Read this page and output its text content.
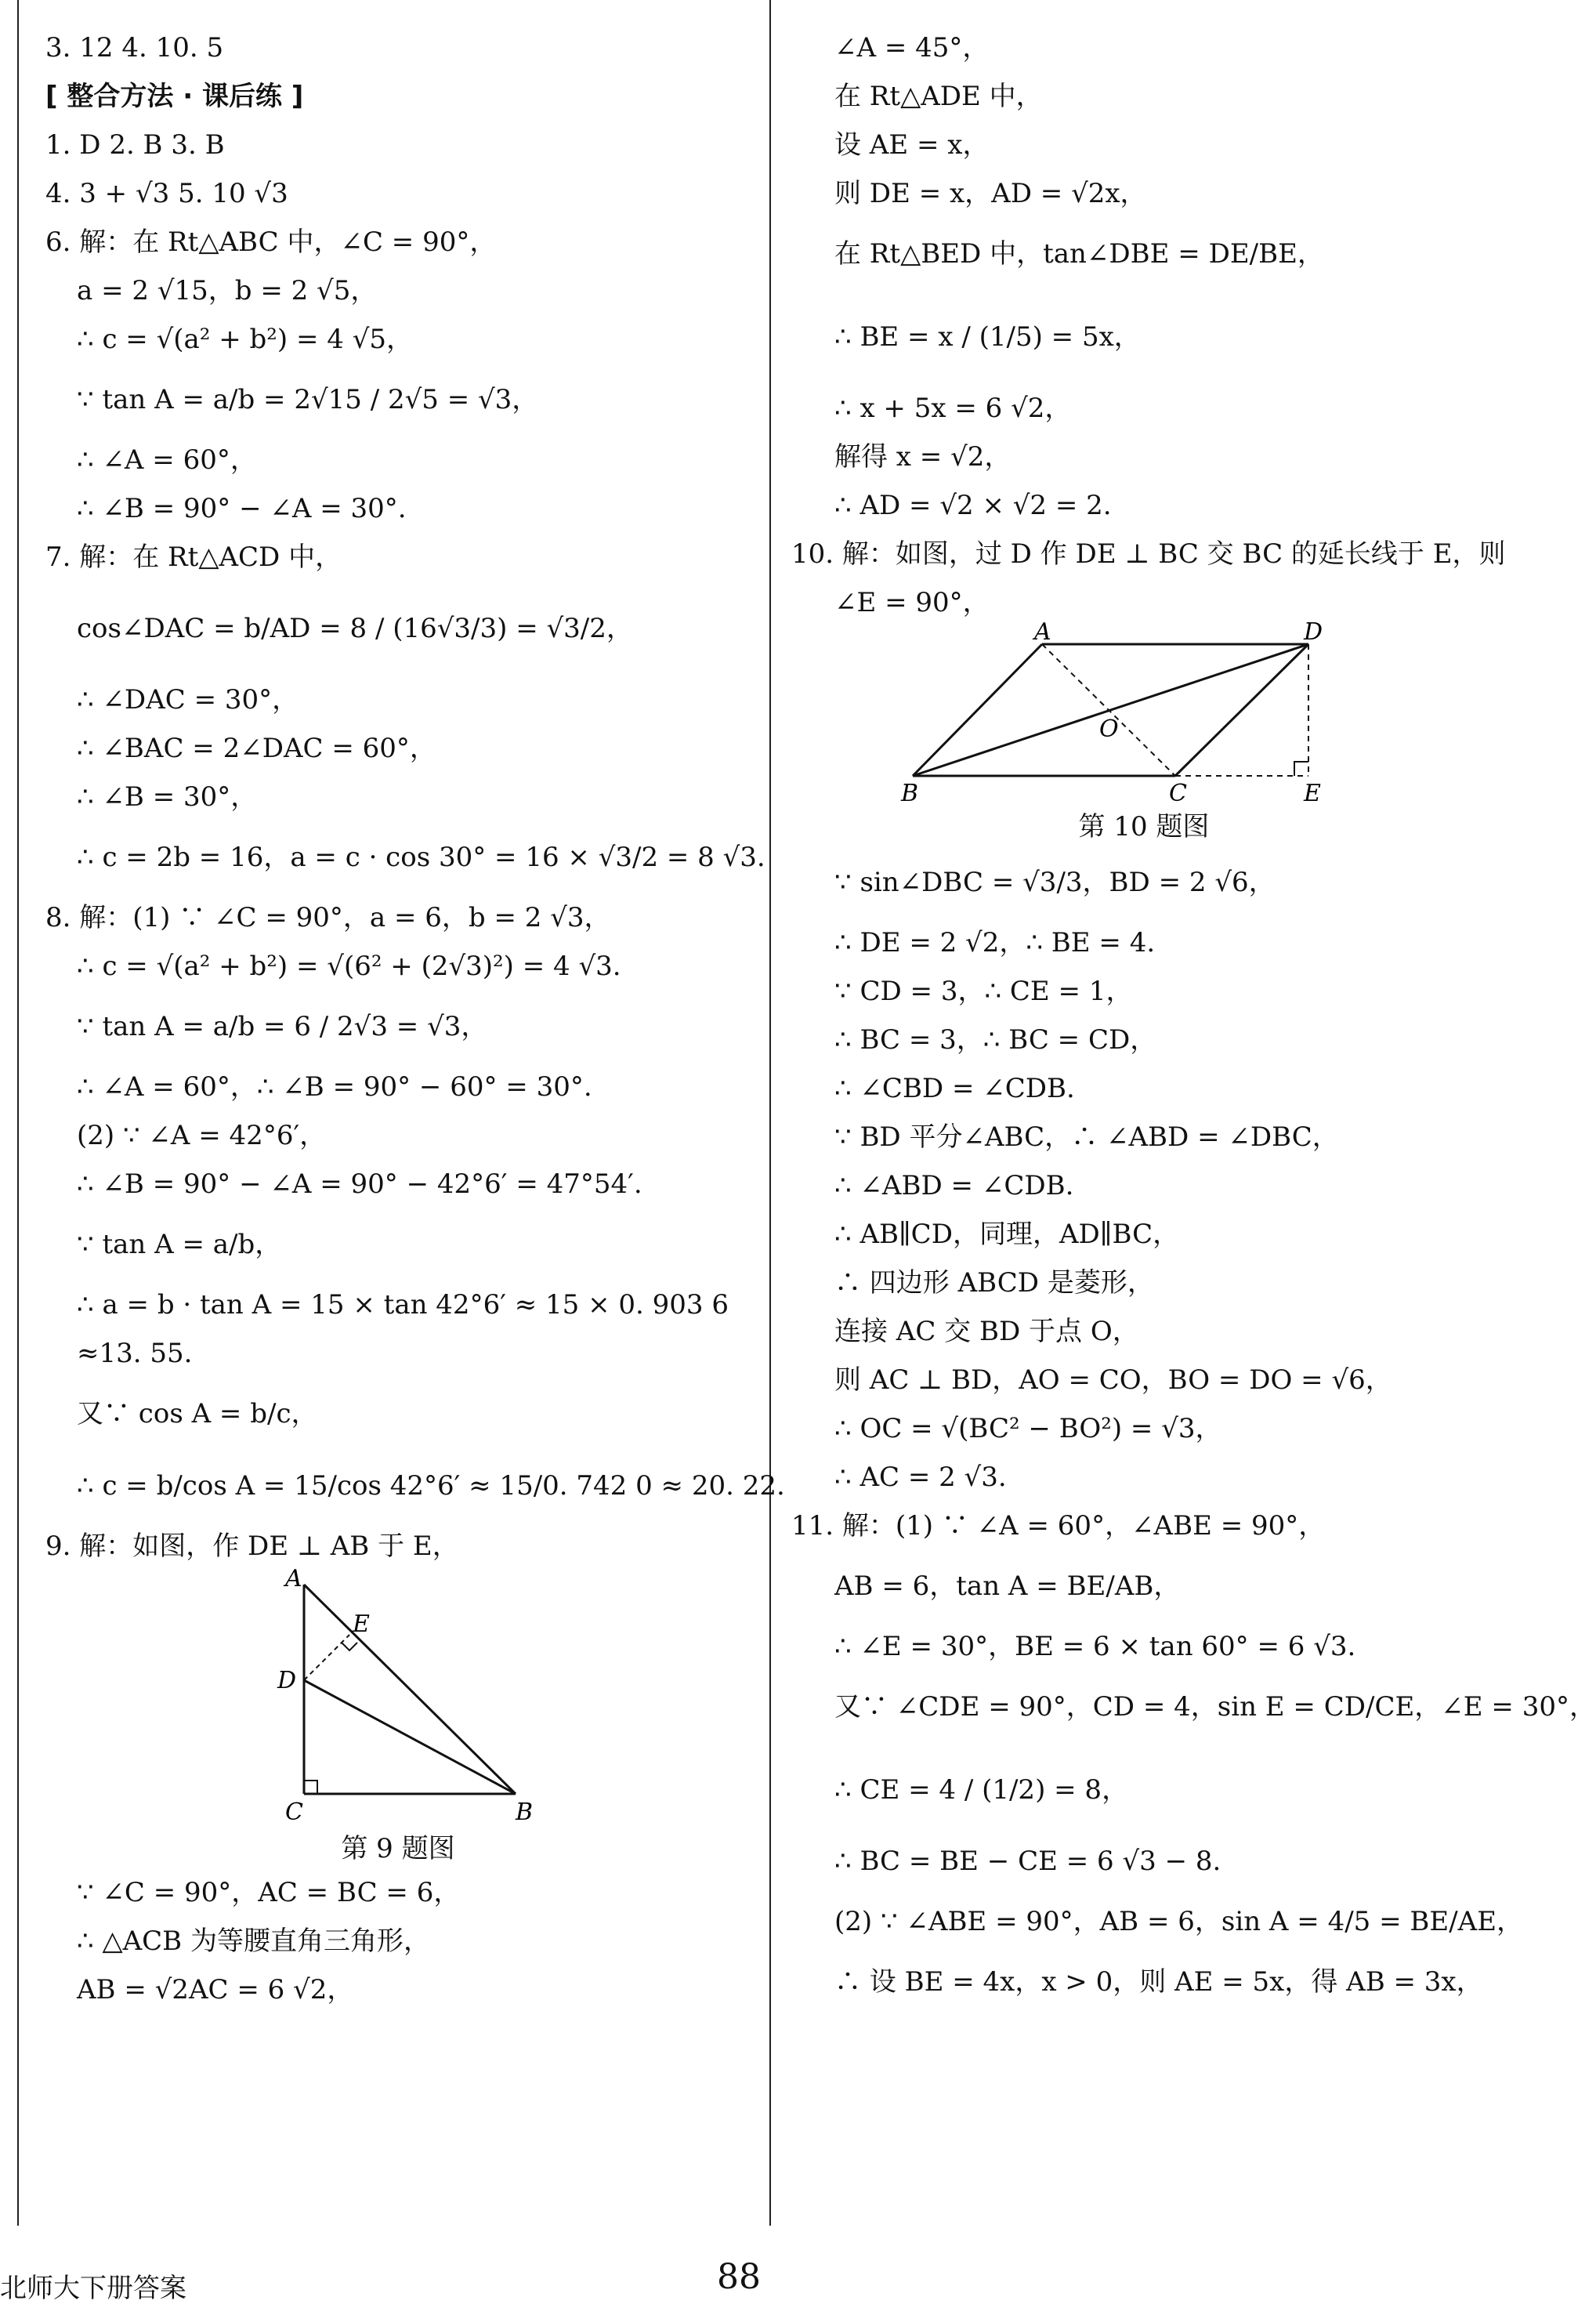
3. 12 4. 10. 5
[ 整合方法 · 课后练 ]
1. D 2. B 3. B
4. 3 + √3 5. 10 √3
6. 解：在 Rt△ABC 中，∠C = 90°，
a = 2 √15，b = 2 √5，
∴ c = √(a² + b²) = 4 √5，
∵ tan A = a/b = 2√15 / 2√5 = √3，
∴ ∠A = 60°，
∴ ∠B = 90° − ∠A = 30°.
7. 解：在 Rt△ACD 中，
cos∠DAC = b/AD = 8 / (16√3/3) = √3/2，
∴ ∠DAC = 30°，
∴ ∠BAC = 2∠DAC = 60°，
∴ ∠B = 30°，
∴ c = 2b = 16，a = c · cos 30° = 16 × √3/2 = 8 √3.
8. 解：(1) ∵ ∠C = 90°，a = 6，b = 2 √3，
∴ c = √(a² + b²) = √(6² + (2√3)²) = 4 √3.
∵ tan A = a/b = 6 / 2√3 = √3，
∴ ∠A = 60°，∴ ∠B = 90° − 60° = 30°.
(2) ∵ ∠A = 42°6′，
∴ ∠B = 90° − ∠A = 90° − 42°6′ = 47°54′.
∵ tan A = a/b，
∴ a = b · tan A = 15 × tan 42°6′ ≈ 15 × 0. 903 6
≈13. 55.
又∵ cos A = b/c，
∴ c = b/cos A = 15/cos 42°6′ ≈ 15/0. 742 0 ≈ 20. 22.
9. 解：如图，作 DE ⊥ AB 于 E，
A
E
D
C	B
第 9 题图
∵ ∠C = 90°，AC = BC = 6，
∴ △ACB 为等腰直角三角形，
AB = √2AC = 6 √2，
∠A = 45°，
在 Rt△ADE 中，
设 AE = x，
则 DE = x，AD = √2x，
在 Rt△BED 中，tan∠DBE = DE/BE，
∴ BE = x / (1/5) = 5x，
∴ x + 5x = 6 √2，
解得 x = √2，
∴ AD = √2 × √2 = 2.
10. 解：如图，过 D 作 DE ⊥ BC 交 BC 的延长线于 E，则
∠E = 90°，
A	D
O
B	C	E
第 10 题图
∵ sin∠DBC = √3/3，BD = 2 √6，
∴ DE = 2 √2，∴ BE = 4.
∵ CD = 3，∴ CE = 1，
∴ BC = 3，∴ BC = CD，
∴ ∠CBD = ∠CDB.
∵ BD 平分∠ABC，∴ ∠ABD = ∠DBC，
∴ ∠ABD = ∠CDB.
∴ AB∥CD，同理，AD∥BC，
∴ 四边形 ABCD 是菱形，
连接 AC 交 BD 于点 O，
则 AC ⊥ BD，AO = CO，BO = DO = √6，
∴ OC = √(BC² − BO²) = √3，
∴ AC = 2 √3.
11. 解：(1) ∵ ∠A = 60°，∠ABE = 90°，
AB = 6，tan A = BE/AB，
∴ ∠E = 30°，BE = 6 × tan 60° = 6 √3.
又∵ ∠CDE = 90°，CD = 4，sin E = CD/CE，∠E = 30°，
∴ CE = 4 / (1/2) = 8，
∴ BC = BE − CE = 6 √3 − 8.
(2) ∵ ∠ABE = 90°，AB = 6，sin A = 4/5 = BE/AE，
∴ 设 BE = 4x，x > 0，则 AE = 5x，得 AB = 3x，
北师大下册答案	88
